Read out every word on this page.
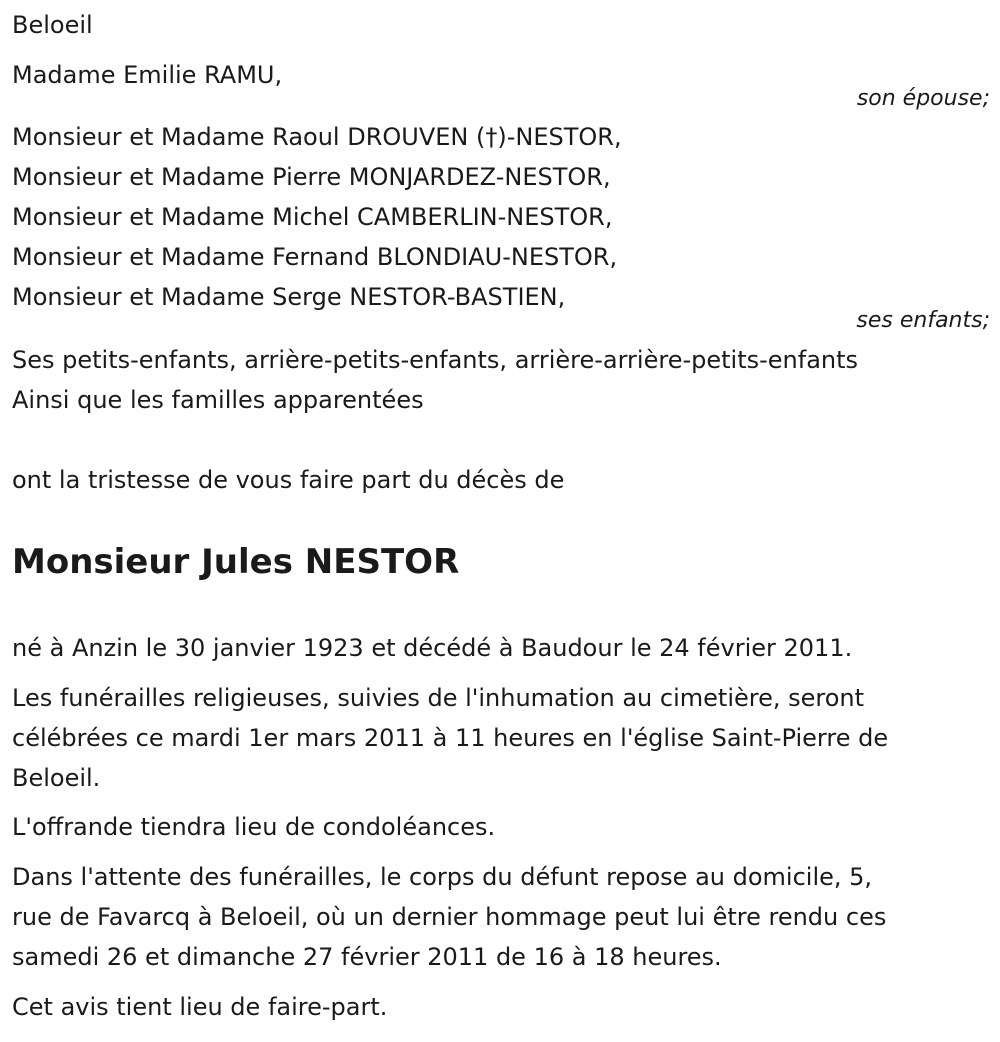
Beloeil
Madame Emilie RAMU,
son épouse;
Monsieur et Madame Raoul DROUVEN (†)-NESTOR,
Monsieur et Madame Pierre MONJARDEZ-NESTOR,
Monsieur et Madame Michel CAMBERLIN-NESTOR,
Monsieur et Madame Fernand BLONDIAU-NESTOR,
Monsieur et Madame Serge NESTOR-BASTIEN,
ses enfants;
Ses petits-enfants, arrière-petits-enfants, arrière-arrière-petits-enfants
Ainsi que les familles apparentées
ont la tristesse de vous faire part du décès de
Monsieur Jules NESTOR
né à Anzin le 30 janvier 1923 et décédé à Baudour le 24 février 2011.
Les funérailles religieuses, suivies de l'inhumation au cimetière, seront
célébrées ce mardi 1er mars 2011 à 11 heures en l'église Saint-Pierre de
Beloeil.
L'offrande tiendra lieu de condoléances.
Dans l'attente des funérailles, le corps du défunt repose au domicile, 5,
rue de Favarcq à Beloeil, où un dernier hommage peut lui être rendu ces
samedi 26 et dimanche 27 février 2011 de 16 à 18 heures.
Cet avis tient lieu de faire-part.
